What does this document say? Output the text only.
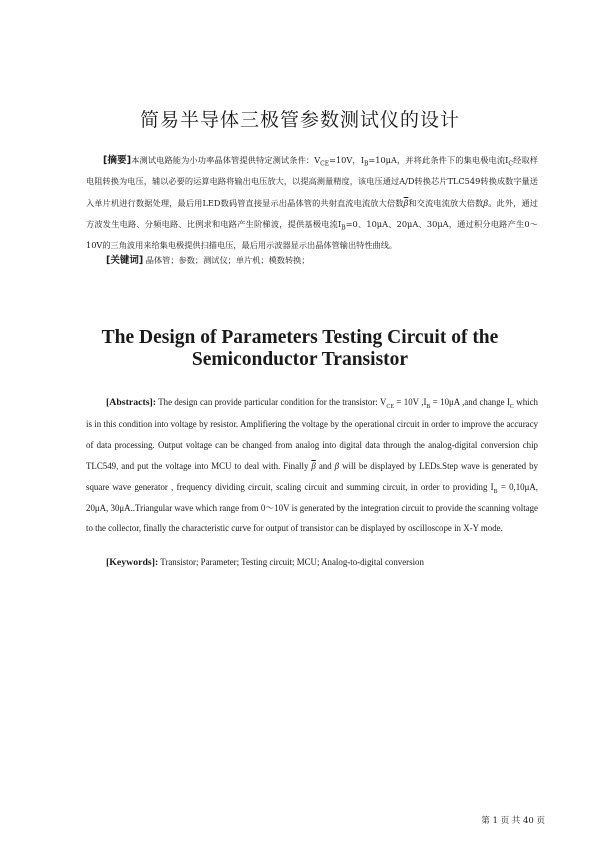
简易半导体三极管参数测试仪的设计
[摘要]本测试电路能为小功率晶体管提供特定测试条件：$V_{CE}=10V$，$I_B=10\mu A$，并将此条件下的集电极电流$I_C$经取样电阻转换为电压，辅以必要的运算电路将输出电压放大，以提高测量精度，该电压通过A/D转换芯片TLC549转换成数字量送入单片机进行数据处理，最后用LED数码管直接显示出晶体管的共射直流电流放大倍数$\overline{\beta}$和交流电流放大倍数β。此外，通过方波发生电路、分频电路、比例求和电路产生阶梯波，提供基极电流$I_B=0$、10μA、20μA、30μA，通过积分电路产生0～10V的三角波用来给集电极提供扫描电压，最后用示波器显示出晶体管输出特性曲线。
[关键词] 晶体管；参数；测试仪；单片机；模数转换；
The Design of Parameters Testing Circuit of the
Semiconductor Transistor
[Abstracts]: The design can provide particular condition for the transistor: $V_{CE} = 10V$ $,I_B = 10\mu A$ ,and change $I_C$ which is in this condition into voltage by resistor. Amplifiering the voltage by the operational circuit in order to improve the accuracy of data processing. Output voltage can be changed from analog into digital data through the analog-digital conversion chip TLC549, and put the voltage into MCU to deal with. Finally $\overline{\beta}$ and β will be displayed by LEDs.Step wave is generated by square wave generator , frequency dividing circuit, scaling circuit and summing circuit, in order to providing $I_B = 0,10\mu A$, 20μA, 30μA..Triangular wave which range from 0～10V is generated by the integration circuit to provide the scanning voltage to the collector, finally the characteristic curve for output of transistor can be displayed by oscilloscope in X-Y mode.
[Keywords]: Transistor; Parameter; Testing circuit; MCU; Analog-to-digital conversion
第 1 页 共 40 页
